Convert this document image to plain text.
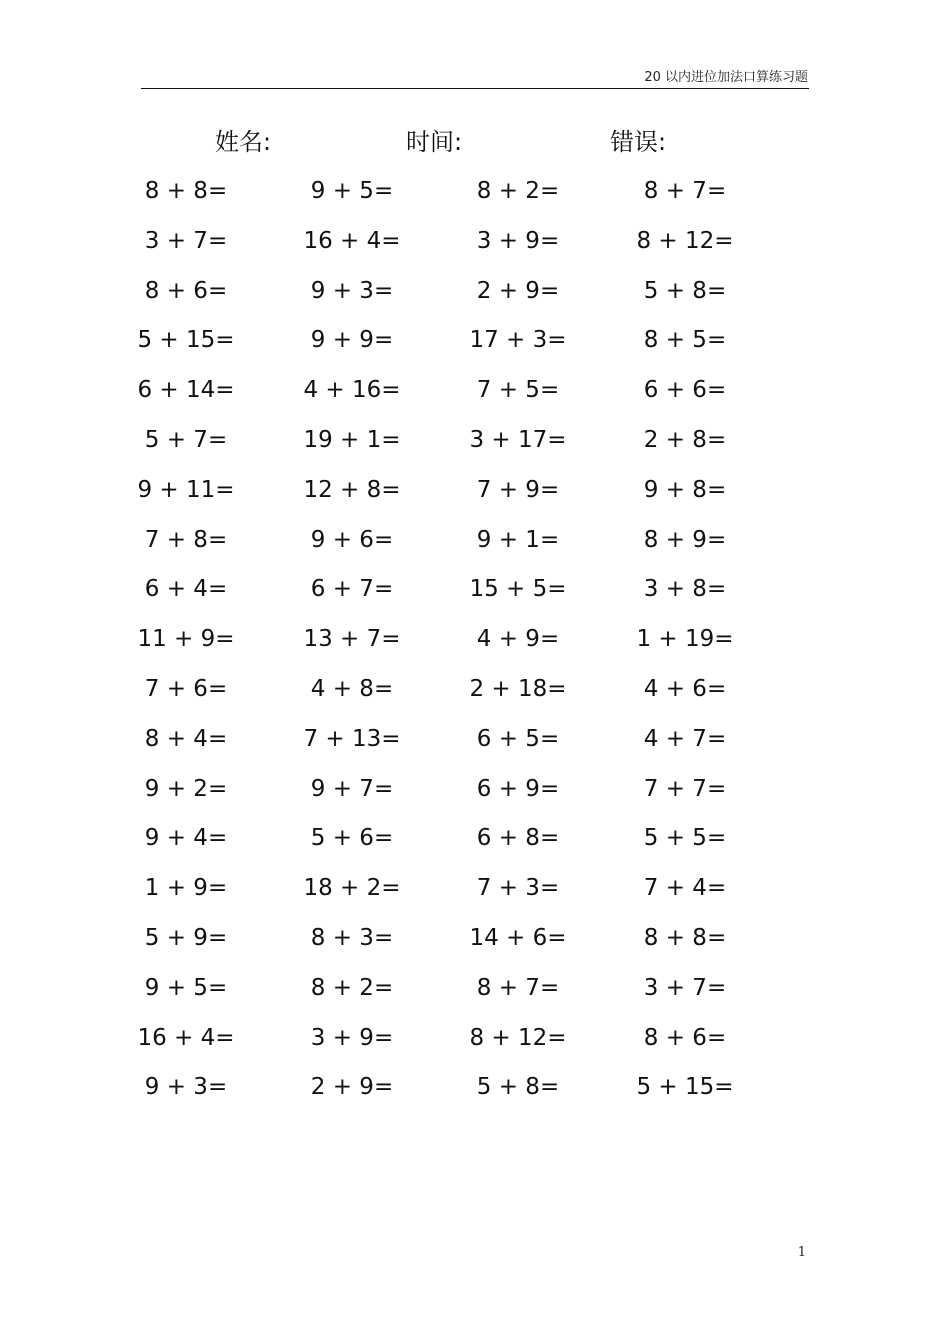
20 以内进位加法口算练习题
姓名:	时间:	错误:
8 + 8=	9 + 5=	8 + 2=	8 + 7=
3 + 7=	16 + 4=	3 + 9=	8 + 12=
8 + 6=	9 + 3=	2 + 9=	5 + 8=
5 + 15=	9 + 9=	17 + 3=	8 + 5=
6 + 14=	4 + 16=	7 + 5=	6 + 6=
5 + 7=	19 + 1=	3 + 17=	2 + 8=
9 + 11=	12 + 8=	7 + 9=	9 + 8=
7 + 8=	9 + 6=	9 + 1=	8 + 9=
6 + 4=	6 + 7=	15 + 5=	3 + 8=
11 + 9=	13 + 7=	4 + 9=	1 + 19=
7 + 6=	4 + 8=	2 + 18=	4 + 6=
8 + 4=	7 + 13=	6 + 5=	4 + 7=
9 + 2=	9 + 7=	6 + 9=	7 + 7=
9 + 4=	5 + 6=	6 + 8=	5 + 5=
1 + 9=	18 + 2=	7 + 3=	7 + 4=
5 + 9=	8 + 3=	14 + 6=	8 + 8=
9 + 5=	8 + 2=	8 + 7=	3 + 7=
16 + 4=	3 + 9=	8 + 12=	8 + 6=
9 + 3=	2 + 9=	5 + 8=	5 + 15=
1
